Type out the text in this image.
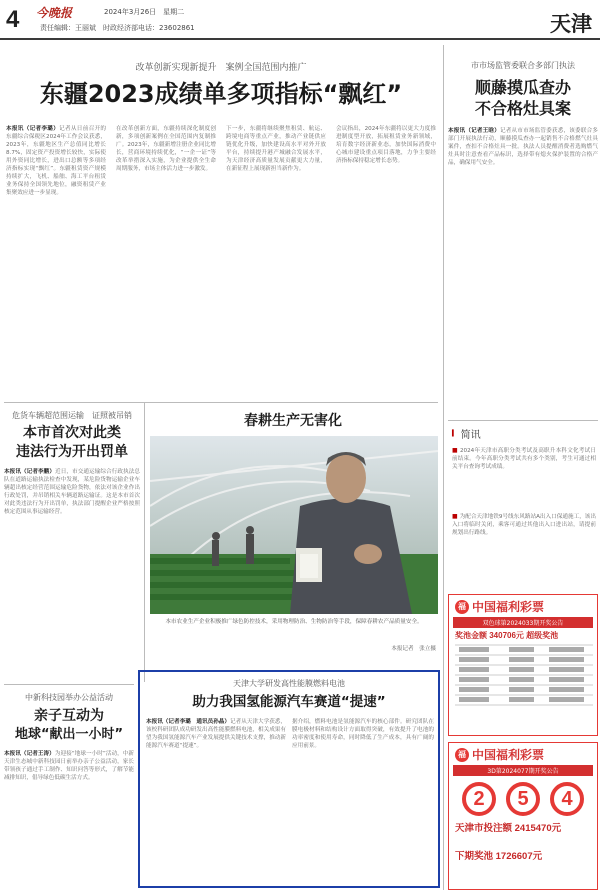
4 今晚报	2024年3月26日　星期二
责任编辑：王丽斌　时政经济部电话：23602861	天津
改革创新实现新提升　案例全国范围内推广
东疆2023成绩单多项指标“飘红”
本报讯（记者李璐）记者从日前召开的东疆综合保税区2024年工作会议获悉，2023年，东疆地区生产总值同比增长8.7%，固定资产投资增长较快，实际使用外资同比增长，进出口总额等多项经济指标实现“飘红”。东疆租赁资产规模持续扩大，飞机、船舶、海工平台租赁业务保持全国领先地位，融资租赁产业集聚效应进一步显现。
在改革创新方面，东疆持续深化制度创新，多项创新案例在全国范围内复制推广。2023年，东疆新增注册企业同比增长，营商环境持续优化，“一企一证”等改革举措深入实施，为企业提供全生命周期服务，市场主体活力进一步激发。
下一步，东疆将继续聚焦租赁、航运、跨境电商等重点产业，推动产业链供应链优化升级，加快建设高水平对外开放平台，持续提升港产城融合发展水平，为天津经济高质量发展贡献更大力量，在新征程上展现新担当新作为。
会议指出，2024年东疆将以更大力度推进制度型开放，拓展租赁业务新领域，培育数字经济新业态，加快国际消费中心城市建设重点项目落地，力争主要经济指标保持稳定增长态势。
危货车辆超范围运输　证照被吊销
本市首次对此类
违法行为开出罚单
本报讯（记者李鹏）近日，市交通运输综合行政执法总队在道路运输执法检查中发现，某危险货物运输企业车辆超出核定经营范围运输危险货物，依法对该企业作出行政处罚，并吊销相关车辆道路运输证。这是本市首次对此类违法行为开出罚单，执法部门提醒企业严格按照核定范围从事运输经营。
中新科技园举办公益活动
亲子互动为
地球“献出一小时”
本报讯（记者王涛）为迎接“地球一小时”活动，中新天津生态城中新科技园日前举办亲子公益活动，家长带领孩子通过手工制作、知识问答等形式，了解节能减排知识，倡导绿色低碳生活方式。
春耕生产无害化
本市农业生产企业积极推广绿色防控技术，采用物理防治、生物防治等手段，保障春耕农产品质量安全。
本报记者　张立摄
市市场监管委联合多部门执法
顺藤摸瓜查办
不合格灶具案
本报讯（记者王晗）记者从市市场监管委获悉，该委联合多部门开展执法行动，顺藤摸瓜查办一起销售不合格燃气灶具案件，查扣不合格灶具一批。执法人员提醒消费者选购燃气灶具时注意查看产品标识，选择带有熄火保护装置的合格产品，确保用气安全。
▍ 简讯
■ 2024年天津市高职分类考试及高职升本科文化考试日前结束。今年高职分类考试共有多个类别，考生可通过相关平台查询考试成绩。
■ 为配合天津地铁9号线东风路站A出入口保通施工，该出入口将临时关闭，乘客可通过其他出入口进出站，请提前规划出行路线。
天津大学研发高性能膜燃料电池
助力我国氢能源汽车赛道“提速”
本报讯（记者李璐　通讯员孙晶）记者从天津大学获悉，该校科研团队成功研发出高性能膜燃料电池，相关成果有望为我国氢能源汽车产业发展提供关键技术支撑，推动新能源汽车赛道“提速”。
据介绍，燃料电池是氢能源汽车的核心部件。研究团队在膜电极材料和结构设计方面取得突破，有效提升了电池的功率密度和使用寿命，同时降低了生产成本，具有广阔的应用前景。
福 中国福利彩票
双色球第2024033期开奖公告
奖池金额 340706元 超级奖池
福 中国福利彩票
3D第2024077期开奖公告
2	5	4
天津市投注额 2415470元
下期奖池 1726607元
